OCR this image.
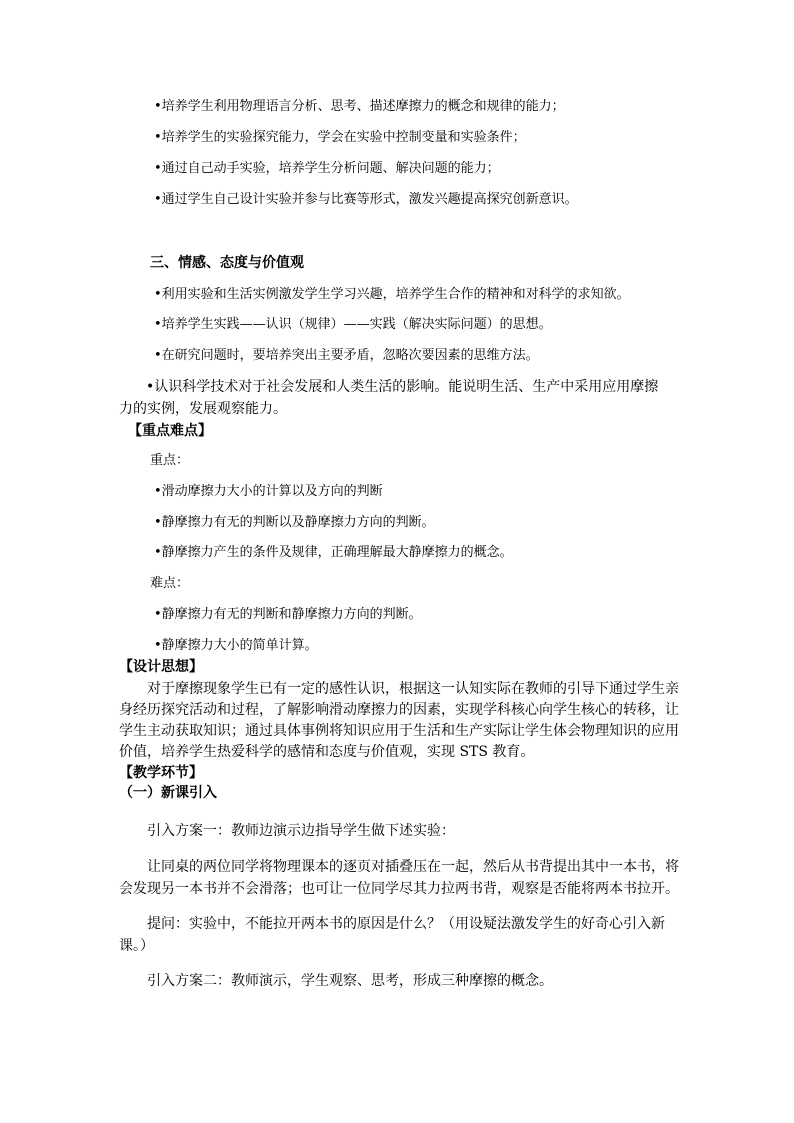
•培养学生利用物理语言分析、思考、描述摩擦力的概念和规律的能力；
•培养学生的实验探究能力，学会在实验中控制变量和实验条件；
•通过自己动手实验，培养学生分析问题、解决问题的能力；
•通过学生自己设计实验并参与比赛等形式，激发兴趣提高探究创新意识。
三、情感、态度与价值观
•利用实验和生活实例激发学生学习兴趣，培养学生合作的精神和对科学的求知欲。
•培养学生实践——认识（规律）——实践（解决实际问题）的思想。
•在研究问题时，要培养突出主要矛盾，忽略次要因素的思维方法。
•认识科学技术对于社会发展和人类生活的影响。能说明生活、生产中采用应用摩擦
力的实例，发展观察能力。
【重点难点】
重点：
•滑动摩擦力大小的计算以及方向的判断
•静摩擦力有无的判断以及静摩擦力方向的判断。
•静摩擦力产生的条件及规律，正确理解最大静摩擦力的概念。
难点：
•静摩擦力有无的判断和静摩擦力方向的判断。
•静摩擦力大小的简单计算。
【设计思想】
对于摩擦现象学生已有一定的感性认识，根据这一认知实际在教师的引导下通过学生亲
身经历探究活动和过程，了解影响滑动摩擦力的因素，实现学科核心向学生核心的转移，让
学生主动获取知识；通过具体事例将知识应用于生活和生产实际让学生体会物理知识的应用
价值，培养学生热爱科学的感情和态度与价值观，实现 STS 教育。
【教学环节】
（一）新课引入
引入方案一：教师边演示边指导学生做下述实验：
让同桌的两位同学将物理课本的逐页对插叠压在一起，然后从书背提出其中一本书，将
会发现另一本书并不会滑落；也可让一位同学尽其力拉两书背，观察是否能将两本书拉开。
提问：实验中，不能拉开两本书的原因是什么？（用设疑法激发学生的好奇心引入新
课。）
引入方案二：教师演示，学生观察、思考，形成三种摩擦的概念。
